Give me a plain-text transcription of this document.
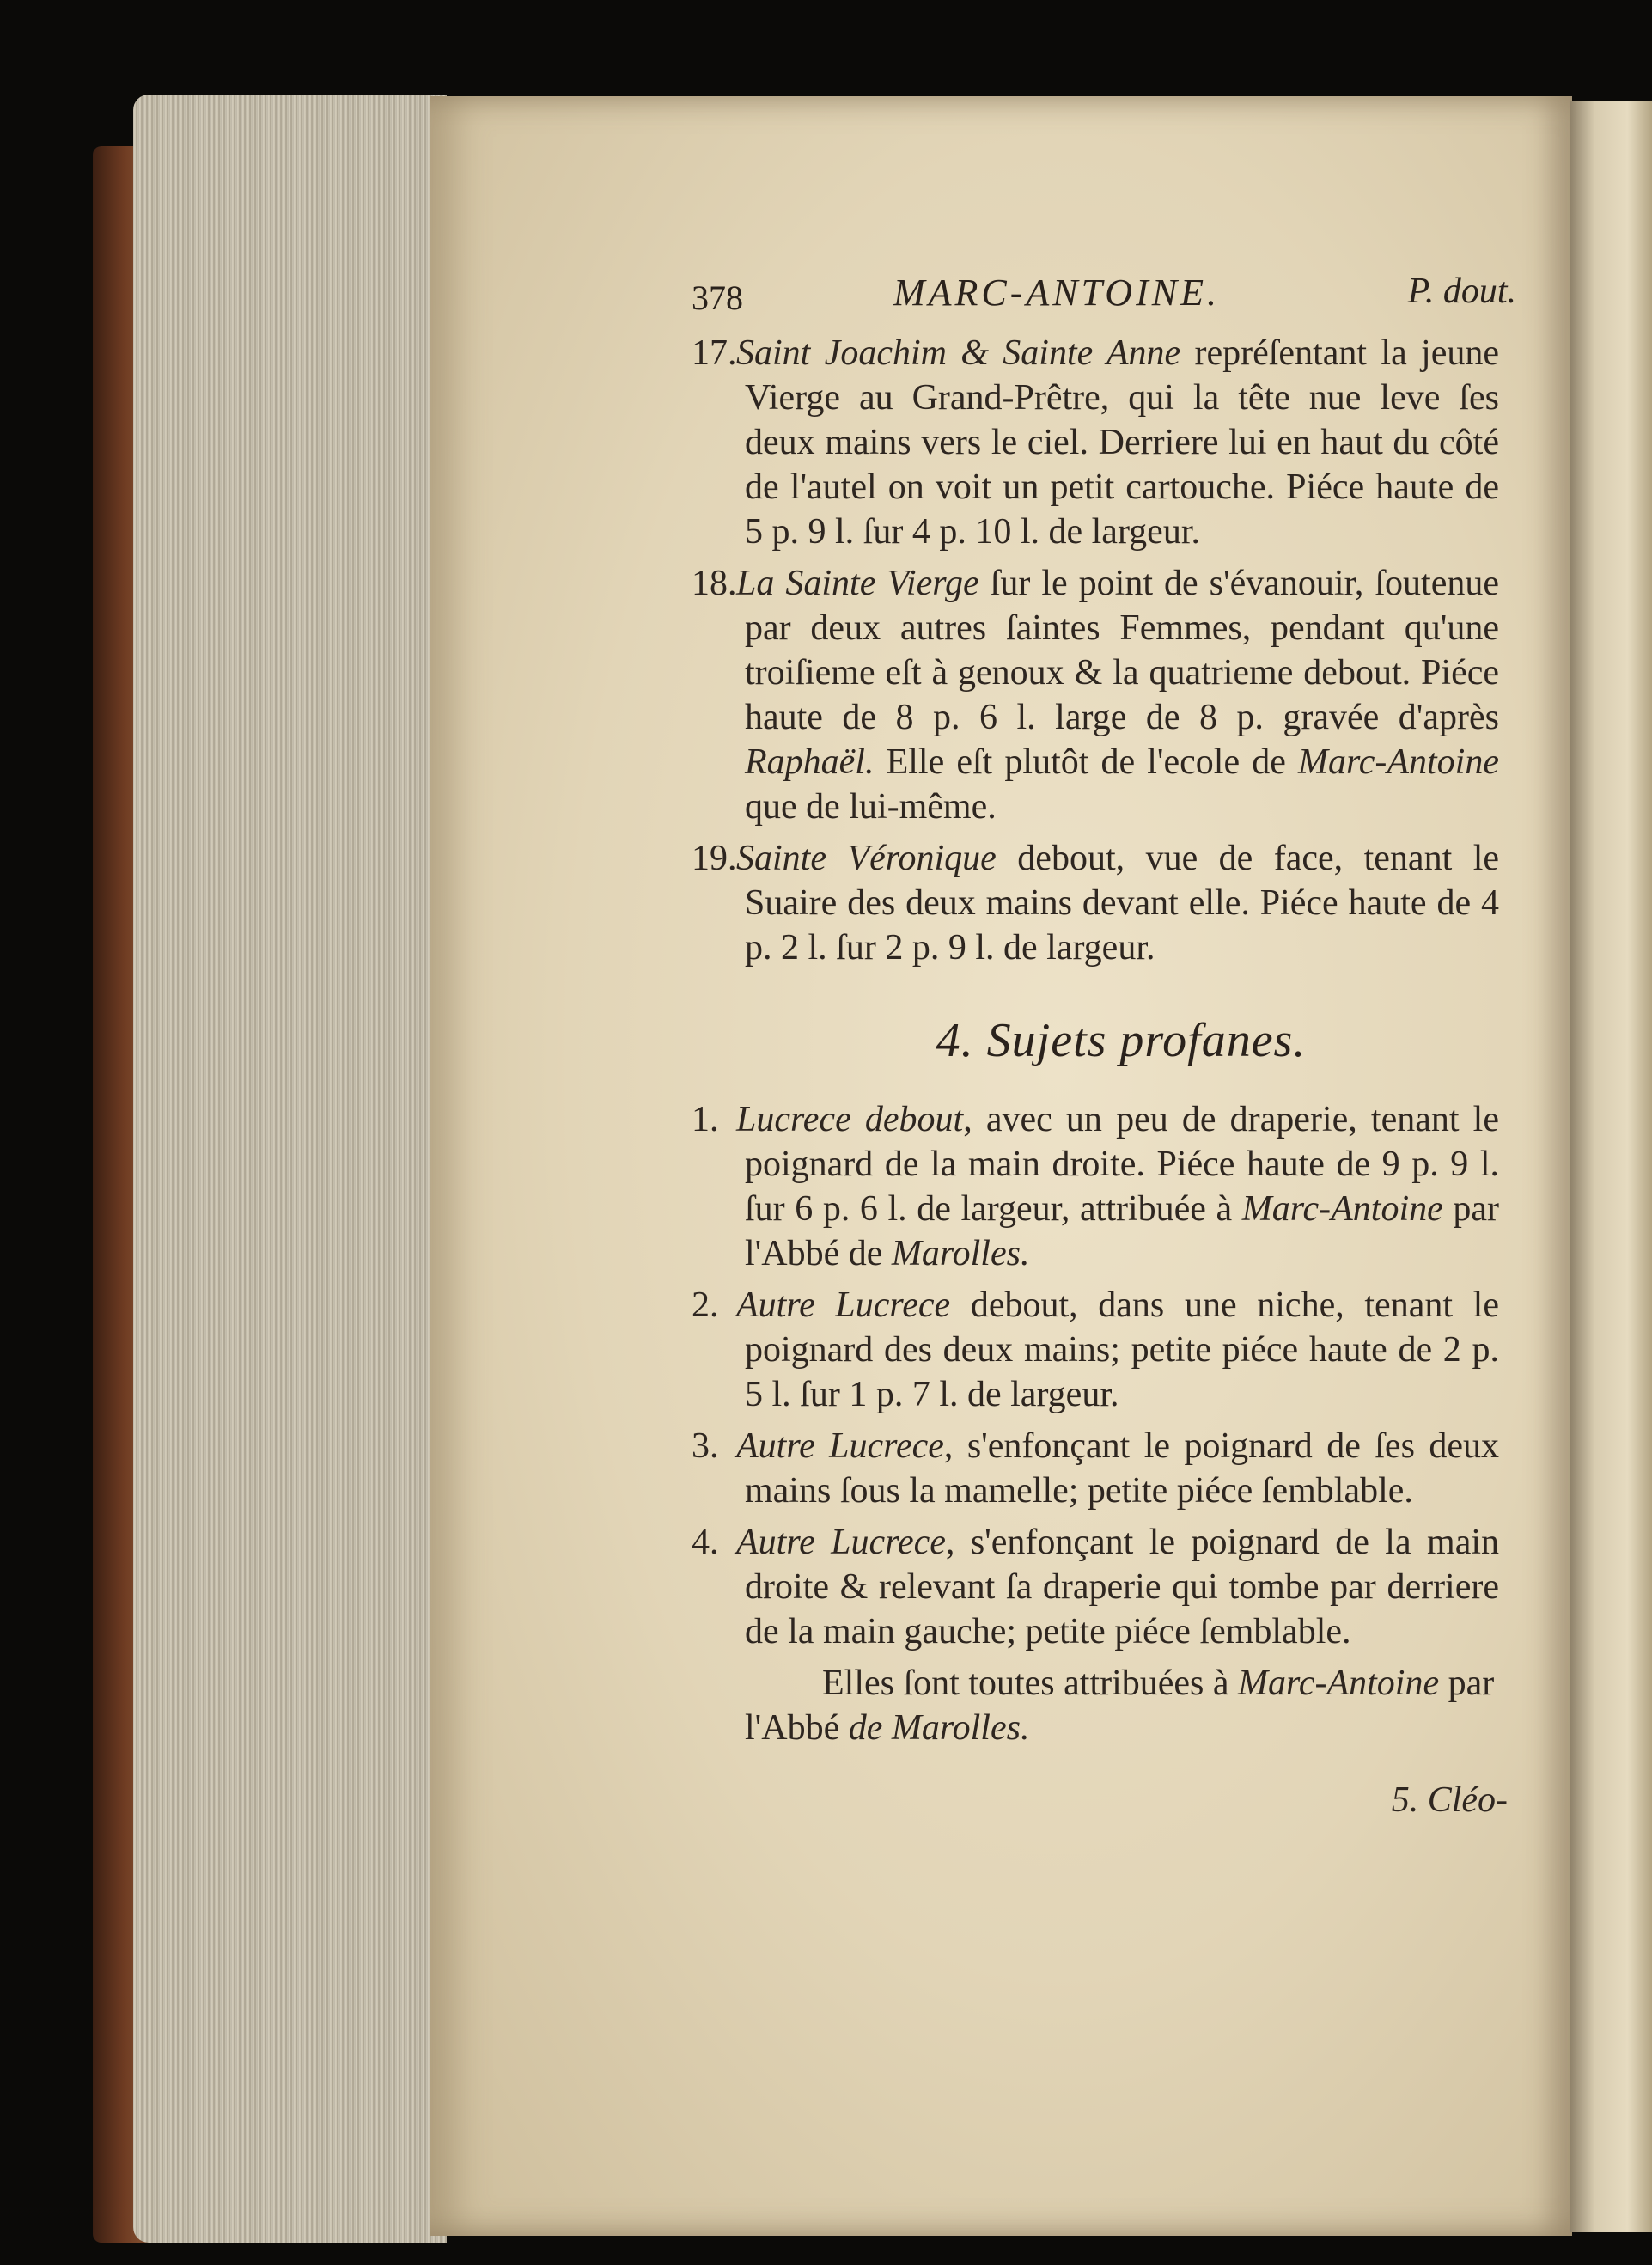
378	MARC-ANTOINE.	P. dout.

17.Saint Joachim & Sainte Anne repréſentant la jeune Vierge au Grand-Prêtre, qui la tête nue leve ſes deux mains vers le ciel. Derriere lui en haut du côté de l'autel on voit un petit cartouche. Piéce haute de 5 p. 9 l. ſur 4 p. 10 l. de largeur.

18.La Sainte Vierge ſur le point de s'évanouir, ſoutenue par deux autres ſaintes Femmes, pendant qu'une troiſieme eſt à genoux & la quatrieme debout. Piéce haute de 8 p. 6 l. large de 8 p. gravée d'après Raphaël. Elle eſt plutôt de l'ecole de Marc-Antoine que de lui-même.

19.Sainte Véronique debout, vue de face, tenant le Suaire des deux mains devant elle. Piéce haute de 4 p. 2 l. ſur 2 p. 9 l. de largeur.

4. Sujets profanes.

1. Lucrece debout, avec un peu de draperie, tenant le poignard de la main droite. Piéce haute de 9 p. 9 l. ſur 6 p. 6 l. de largeur, attribuée à Marc-Antoine par l'Abbé de Marolles.

2. Autre Lucrece debout, dans une niche, tenant le poignard des deux mains; petite piéce haute de 2 p. 5 l. ſur 1 p. 7 l. de largeur.

3. Autre Lucrece, s'enfonçant le poignard de ſes deux mains ſous la mamelle; petite piéce ſemblable.

4. Autre Lucrece, s'enfonçant le poignard de la main droite & relevant ſa draperie qui tombe par derriere de la main gauche; petite piéce ſemblable.

Elles ſont toutes attribuées à Marc-Antoine par l'Abbé de Marolles.

5. Cléo-
